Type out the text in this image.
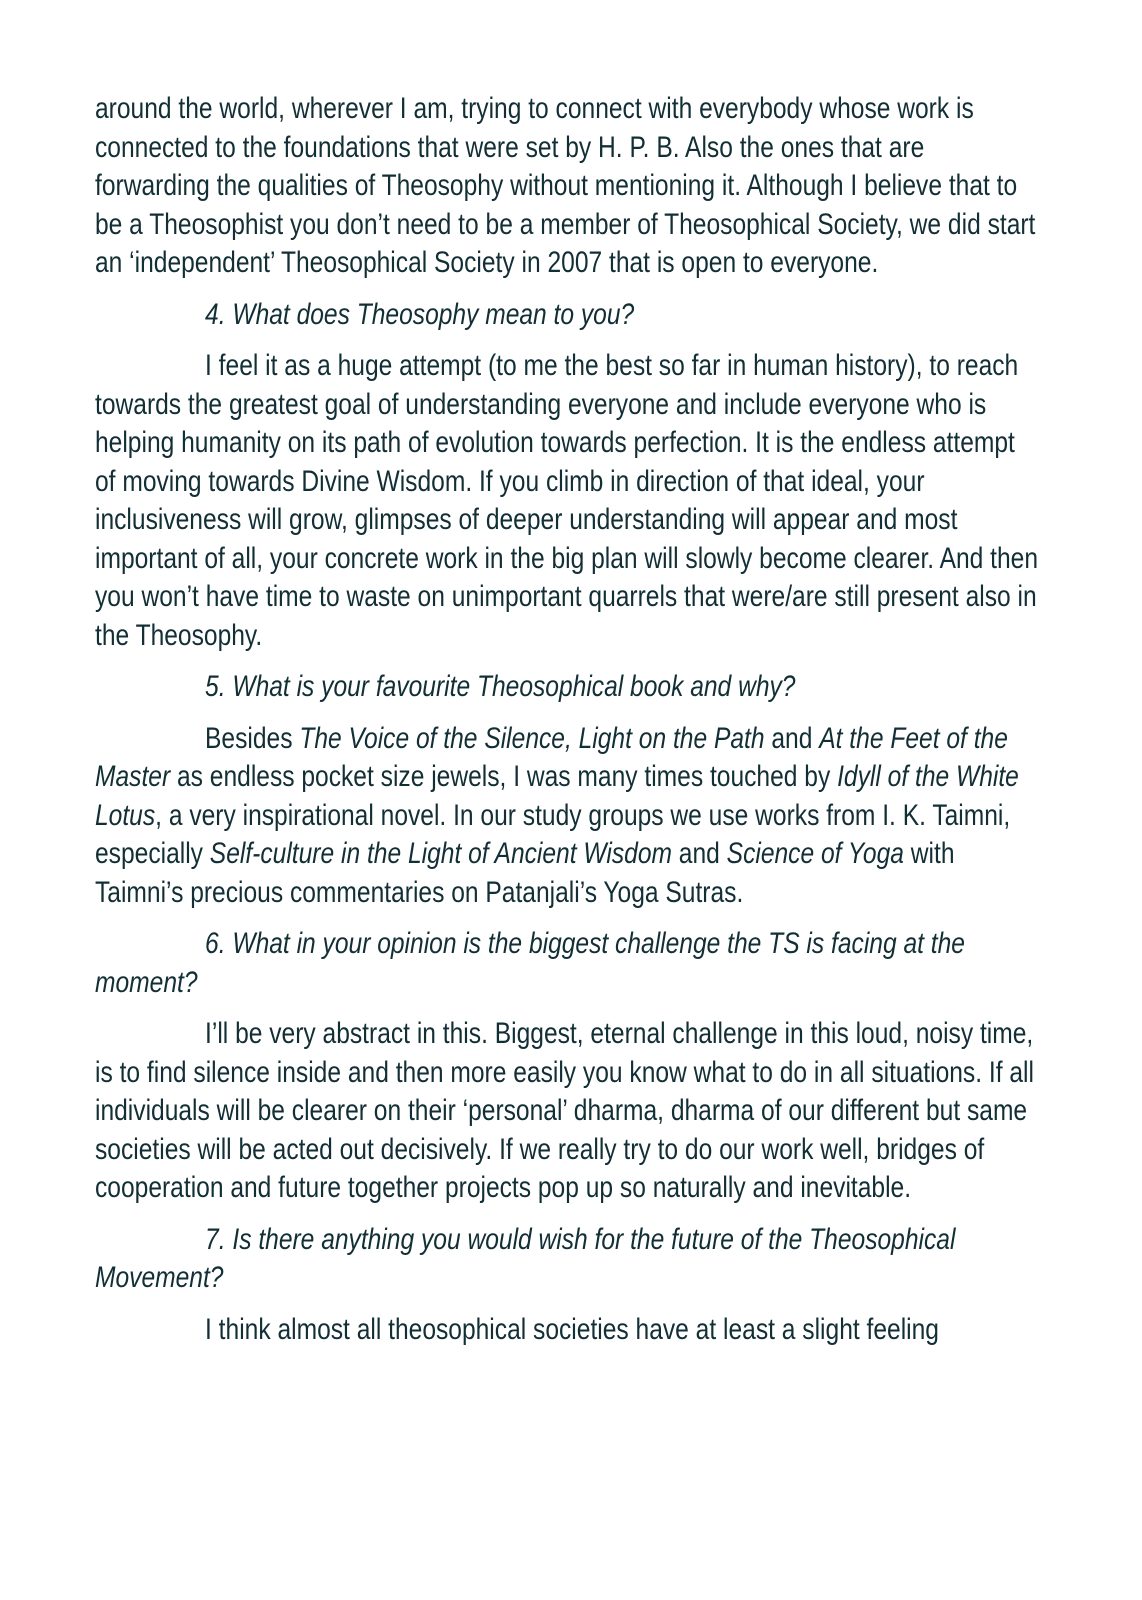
around the world, wherever I am, trying to connect with everybody whose work is connected to the foundations that were set by H. P. B. Also the ones that are forwarding the qualities of Theosophy without mentioning it. Although I believe that to be a Theosophist you don’t need to be a member of Theosophical Society, we did start an ‘independent’ Theosophical Society in 2007 that is open to everyone.

4. What does Theosophy mean to you?

I feel it as a huge attempt (to me the best so far in human history), to reach towards the greatest goal of understanding everyone and include everyone who is helping humanity on its path of evolution towards perfection. It is the endless attempt of moving towards Divine Wisdom. If you climb in direction of that ideal, your inclusiveness will grow, glimpses of deeper understanding will appear and most important of all, your concrete work in the big plan will slowly become clearer. And then you won’t have time to waste on unimportant quarrels that were/are still present also in the Theosophy.

5. What is your favourite Theosophical book and why?

Besides The Voice of the Silence, Light on the Path and At the Feet of the Master as endless pocket size jewels, I was many times touched by Idyll of the White Lotus, a very inspirational novel. In our study groups we use works from I. K. Taimni, especially Self-culture in the Light of Ancient Wisdom and Science of Yoga with Taimni’s precious commentaries on Patanjali’s Yoga Sutras.

6. What in your opinion is the biggest challenge the TS is facing at the moment?

I’ll be very abstract in this. Biggest, eternal challenge in this loud, noisy time, is to find silence inside and then more easily you know what to do in all situations. If all individuals will be clearer on their ‘personal’ dharma, dharma of our different but same societies will be acted out decisively. If we really try to do our work well, bridges of cooperation and future together projects pop up so naturally and inevitable.

7. Is there anything you would wish for the future of the Theosophical Movement?

I think almost all theosophical societies have at least a slight feeling
